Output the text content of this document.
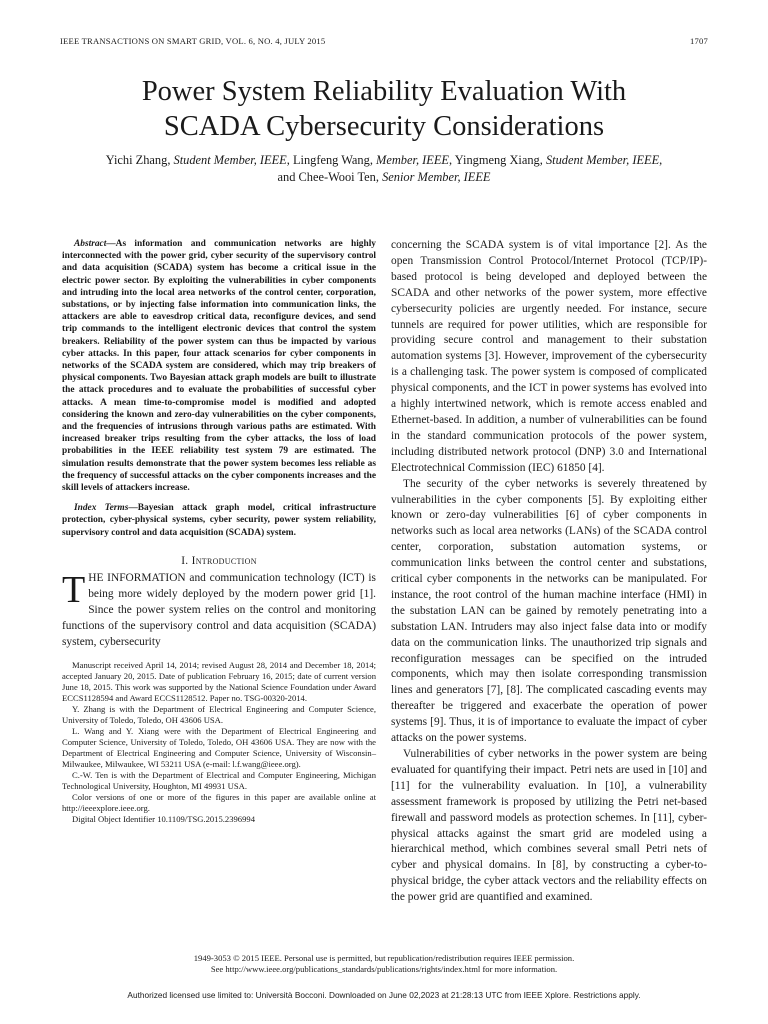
IEEE TRANSACTIONS ON SMART GRID, VOL. 6, NO. 4, JULY 2015	1707
Power System Reliability Evaluation With
SCADA Cybersecurity Considerations
Yichi Zhang, Student Member, IEEE, Lingfeng Wang, Member, IEEE, Yingmeng Xiang, Student Member, IEEE,
and Chee-Wooi Ten, Senior Member, IEEE

Abstract—As information and communication networks are highly interconnected with the power grid, cyber security of the supervisory control and data acquisition (SCADA) system has become a critical issue in the electric power sector. By exploiting the vulnerabilities in cyber components and intruding into the local area networks of the control center, corporation, substations, or by injecting false information into communication links, the attackers are able to eavesdrop critical data, reconfigure devices, and send trip commands to the intelligent electronic devices that control the system breakers. Reliability of the power system can thus be impacted by various cyber attacks. In this paper, four attack scenarios for cyber components in networks of the SCADA system are considered, which may trip breakers of physical components. Two Bayesian attack graph models are built to illustrate the attack procedures and to evaluate the probabilities of successful cyber attacks. A mean time-to-compromise model is modified and adopted considering the known and zero-day vulnerabilities on the cyber components, and the frequencies of intrusions through various paths are estimated. With increased breaker trips resulting from the cyber attacks, the loss of load probabilities in the IEEE reliability test system 79 are estimated. The simulation results demonstrate that the power system becomes less reliable as the frequency of successful attacks on the cyber components increases and the skill levels of attackers increase.

Index Terms—Bayesian attack graph model, critical infrastructure protection, cyber-physical systems, cyber security, power system reliability, supervisory control and data acquisition (SCADA) system.

I. Introduction

THE INFORMATION and communication technology (ICT) is being more widely deployed by the modern power grid [1]. Since the power system relies on the control and monitoring functions of the supervisory control and data acquisition (SCADA) system, cybersecurity

Manuscript received April 14, 2014; revised August 28, 2014 and December 18, 2014; accepted January 20, 2015. Date of publication February 16, 2015; date of current version June 18, 2015. This work was supported by the National Science Foundation under Award ECCS1128594 and Award ECCS1128512. Paper no. TSG-00320-2014.

Y. Zhang is with the Department of Electrical Engineering and Computer Science, University of Toledo, Toledo, OH 43606 USA.

L. Wang and Y. Xiang were with the Department of Electrical Engineering and Computer Science, University of Toledo, Toledo, OH 43606 USA. They are now with the Department of Electrical Engineering and Computer Science, University of Wisconsin–Milwaukee, Milwaukee, WI 53211 USA (e-mail: l.f.wang@ieee.org).

C.-W. Ten is with the Department of Electrical and Computer Engineering, Michigan Technological University, Houghton, MI 49931 USA.

Color versions of one or more of the figures in this paper are available online at http://ieeexplore.ieee.org.

Digital Object Identifier 10.1109/TSG.2015.2396994

concerning the SCADA system is of vital importance [2]. As the open Transmission Control Protocol/Internet Protocol (TCP/IP)-based protocol is being developed and deployed between the SCADA and other networks of the power system, more effective cybersecurity policies are urgently needed. For instance, secure tunnels are required for power utilities, which are responsible for providing secure control and management to their substation automation systems [3]. However, improvement of the cybersecurity is a challenging task. The power system is composed of complicated physical components, and the ICT in power systems has evolved into a highly intertwined network, which is remote access enabled and Ethernet-based. In addition, a number of vulnerabilities can be found in the standard communication protocols of the power system, including distributed network protocol (DNP) 3.0 and International Electrotechnical Commission (IEC) 61850 [4].

The security of the cyber networks is severely threatened by vulnerabilities in the cyber components [5]. By exploiting either known or zero-day vulnerabilities [6] of cyber components in networks such as local area networks (LANs) of the SCADA control center, corporation, substation automation systems, or communication links between the control center and substations, critical cyber components in the networks can be manipulated. For instance, the root control of the human machine interface (HMI) in the substation LAN can be gained by remotely penetrating into a substation LAN. Intruders may also inject false data into or modify data on the communication links. The unauthorized trip signals and reconfiguration messages can be specified on the intruded components, which may then isolate corresponding transmission lines and generators [7], [8]. The complicated cascading events may thereafter be triggered and exacerbate the operation of power systems [9]. Thus, it is of importance to evaluate the impact of cyber attacks on the power systems.

Vulnerabilities of cyber networks in the power system are being evaluated for quantifying their impact. Petri nets are used in [10] and [11] for the vulnerability evaluation. In [10], a vulnerability assessment framework is proposed by utilizing the Petri net-based firewall and password models as protection schemes. In [11], cyber-physical attacks against the smart grid are modeled using a hierarchical method, which combines several small Petri nets of cyber and physical domains. In [8], by constructing a cyber-to-physical bridge, the cyber attack vectors and the reliability effects on the power grid are quantified and examined.

1949-3053 © 2015 IEEE. Personal use is permitted, but republication/redistribution requires IEEE permission.
See http://www.ieee.org/publications_standards/publications/rights/index.html for more information.
Authorized licensed use limited to: Università Bocconi. Downloaded on June 02,2023 at 21:28:13 UTC from IEEE Xplore. Restrictions apply.
